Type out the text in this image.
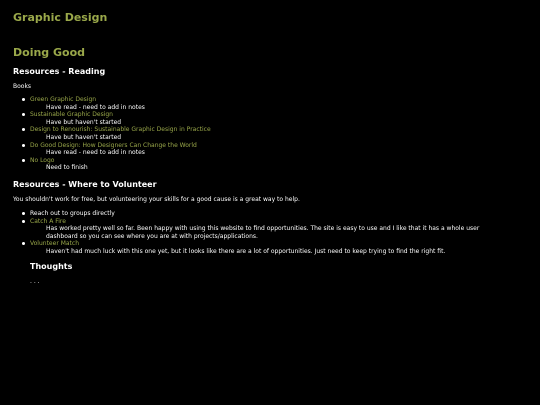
Graphic Design
Doing Good
Resources - Reading

Books

Green Graphic Design
Have read - need to add in notes
Sustainable Graphic Design
Have but haven't started
Design to Renourish: Sustainable Graphic Design in Practice
Have but haven't started
Do Good Design: How Designers Can Change the World
Have read - need to add in notes
No Logo
Need to finish
Resources - Where to Volunteer

You shouldn't work for free, but volunteering your skills for a good cause is a great way to help.

Reach out to groups directly
Catch A Fire
Has worked pretty well so far. Been happy with using this website to find opportunities. The site is easy to use and I like that it has a whole user dashboard so you can see where you are at with projects/applications.
Volunteer Match
Haven't had much luck with this one yet, but it looks like there are a lot of opportunities. Just need to keep trying to find the right fit.
Thoughts

. . .
